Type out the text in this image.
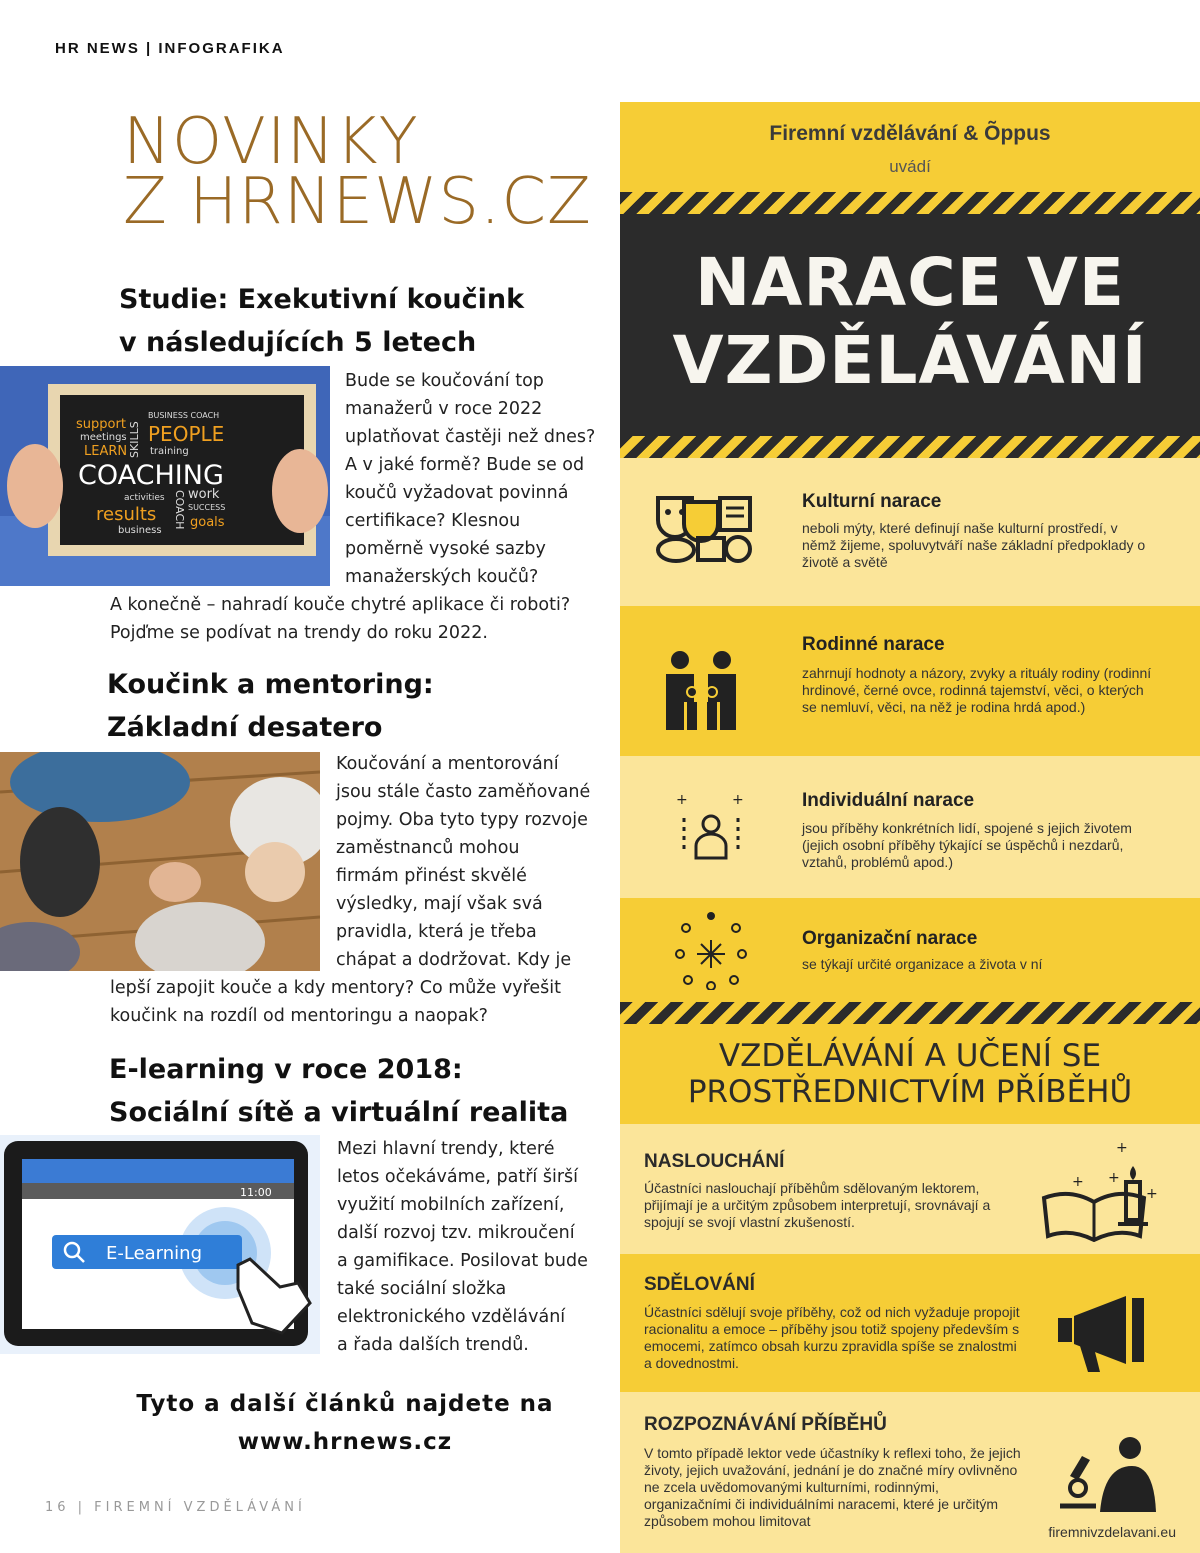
HR NEWS | INFOGRAFIKA
NOVINKY
Z HRNEWS.CZ
Studie: Exekutivní koučink
v následujících 5 letech
support
meetings
LEARN SKILLS
BUSINESS COACH
PEOPLE
training
COACHING
activities COACH work
SUCCESS
results	goals
business
Bude se koučování top
manažerů v roce 2022
uplatňovat častěji než dnes?
A v jaké formě? Bude se od
koučů vyžadovat povinná
certifikace? Klesnou
poměrně vysoké sazby
manažerských koučů?
A konečně – nahradí kouče chytré aplikace či roboti?
Pojďme se podívat na trendy do roku 2022.
Koučink a mentoring:
Základní desatero
Koučování a mentorování
jsou stále často zaměňované
pojmy. Oba tyto typy rozvoje
zaměstnanců mohou
firmám přinést skvělé
výsledky, mají však svá
pravidla, která je třeba
chápat a dodržovat. Kdy je
lepší zapojit kouče a kdy mentory? Co může vyřešit
koučink na rozdíl od mentoringu a naopak?
E-learning v roce 2018:
Sociální sítě a virtuální realita
11:00
E-Learning
Mezi hlavní trendy, které
letos očekáváme, patří širší
využití mobilních zařízení,
další rozvoj tzv. mikroučení
a gamifikace. Posilovat bude
také sociální složka
elektronického vzdělávání
a řada dalších trendů.
Tyto a další článků najdete na
www.hrnews.cz
16 | FIREMNÍ VZDĚLÁVÁNÍ
Firemní vzdělávání & Õppus
uvádí
NARACE VE
VZDĚLÁVÁNÍ
Kulturní narace
neboli mýty, které definují naše kulturní prostředí, v němž žijeme, spoluvytváří naše základní předpoklady o životě a světě
Rodinné narace
zahrnují hodnoty a názory, zvyky a rituály rodiny (rodinní hrdinové, černé ovce, rodinná tajemství, věci, o kterých se nemluví, věci, na něž je rodina hrdá apod.)
+	+	Individuální narace
jsou příběhy konkrétních lidí, spojené s jejich životem (jejich osobní příběhy týkající se úspěchů i nezdarů, vztahů, problémů apod.)
Organizační narace
se týkají určité organizace a života v ní
VZDĚLÁVÁNÍ A UČENÍ SE
PROSTŘEDNICTVÍM PŘÍBĚHŮ
NASLOUCHÁNÍ
Účastníci naslouchají příběhům sdělovaným lektorem, přijímají je a určitým způsobem interpretují, srovnávají a spojují se svojí vlastní zkušeností.
+
+ +
+
SDĚLOVÁNÍ
Účastníci sdělují svoje příběhy, což od nich vyžaduje propojit racionalitu a emoce – příběhy jsou totiž spojeny především s emocemi, zatímco obsah kurzu zpravidla spíše se znalostmi a dovednostmi.
ROZPOZNÁVÁNÍ PŘÍBĚHŮ
V tomto případě lektor vede účastníky k reflexi toho, že jejich životy, jejich uvažování, jednání je do značné míry ovlivněno ne zcela uvědomovanými kulturními, rodinnými, organizačními či individuálními naracemi, které je určitým způsobem mohou limitovat
firemnivzdelavani.eu
